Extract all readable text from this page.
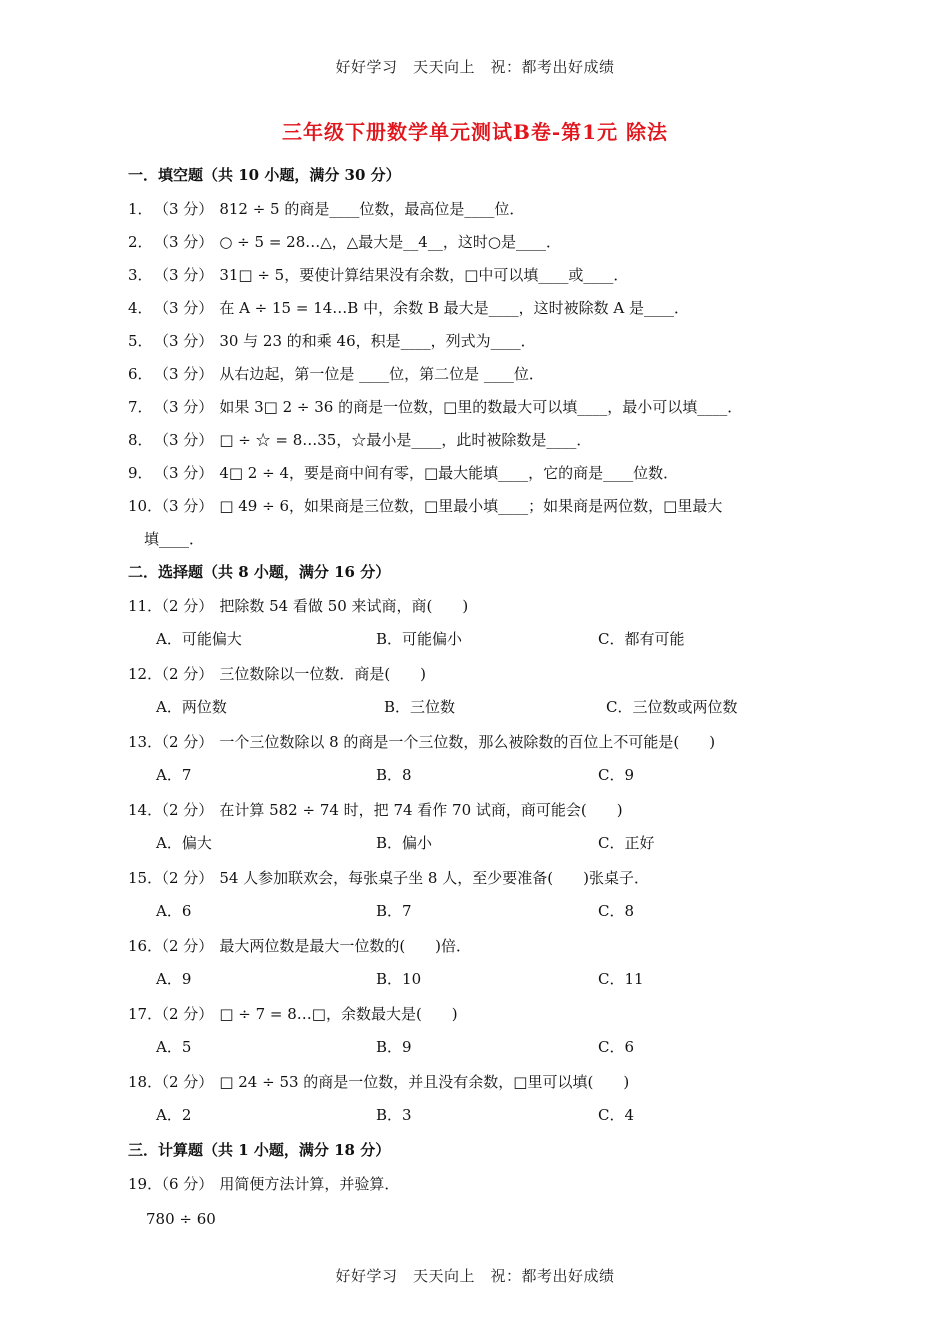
好好学习　天天向上　祝：都考出好成绩
三年级下册数学单元测试B卷-第1元 除法
一．填空题（共 10 小题，满分 30 分）
1．（3 分） 812 ÷ 5 的商是____位数，最高位是____位．
2．（3 分） ○ ÷ 5 = 28…△，△最大是__4__，这时○是____．
3．（3 分） 31□ ÷ 5，要使计算结果没有余数，□中可以填____或____．
4．（3 分） 在 A ÷ 15 = 14…B 中，余数 B 最大是____，这时被除数 A 是____．
5．（3 分） 30 与 23 的和乘 46，积是____，列式为____．
6．（3 分） 从右边起，第一位是 ____位，第二位是 ____位．
7．（3 分） 如果 3□ 2 ÷ 36 的商是一位数，□里的数最大可以填____，最小可以填____．
8．（3 分） □ ÷ ☆ = 8…35，☆最小是____，此时被除数是____．
9．（3 分） 4□ 2 ÷ 4，要是商中间有零，□最大能填____，它的商是____位数．
10．（3 分） □ 49 ÷ 6，如果商是三位数，□里最小填____；如果商是两位数，□里最大
填____．
二．选择题（共 8 小题，满分 16 分）
11．（2 分） 把除数 54 看做 50 来试商，商(　　)
A．可能偏大	B．可能偏小	C．都有可能
12．（2 分） 三位数除以一位数．商是(　　)
A．两位数	B．三位数	C．三位数或两位数
13．（2 分） 一个三位数除以 8 的商是一个三位数，那么被除数的百位上不可能是(　　)
A．7	B．8	C．9
14．（2 分） 在计算 582 ÷ 74 时，把 74 看作 70 试商，商可能会(　　)
A．偏大	B．偏小	C．正好
15．（2 分） 54 人参加联欢会，每张桌子坐 8 人，至少要准备(　　)张桌子．
A．6	B．7	C．8
16．（2 分） 最大两位数是最大一位数的(　　)倍．
A．9	B．10	C．11
17．（2 分） □ ÷ 7 = 8…□，余数最大是(　　)
A．5	B．9	C．6
18．（2 分） □ 24 ÷ 53 的商是一位数，并且没有余数，□里可以填(　　)
A．2	B．3	C．4
三．计算题（共 1 小题，满分 18 分）
19．（6 分） 用简便方法计算，并验算．
780 ÷ 60
好好学习　天天向上　祝：都考出好成绩
